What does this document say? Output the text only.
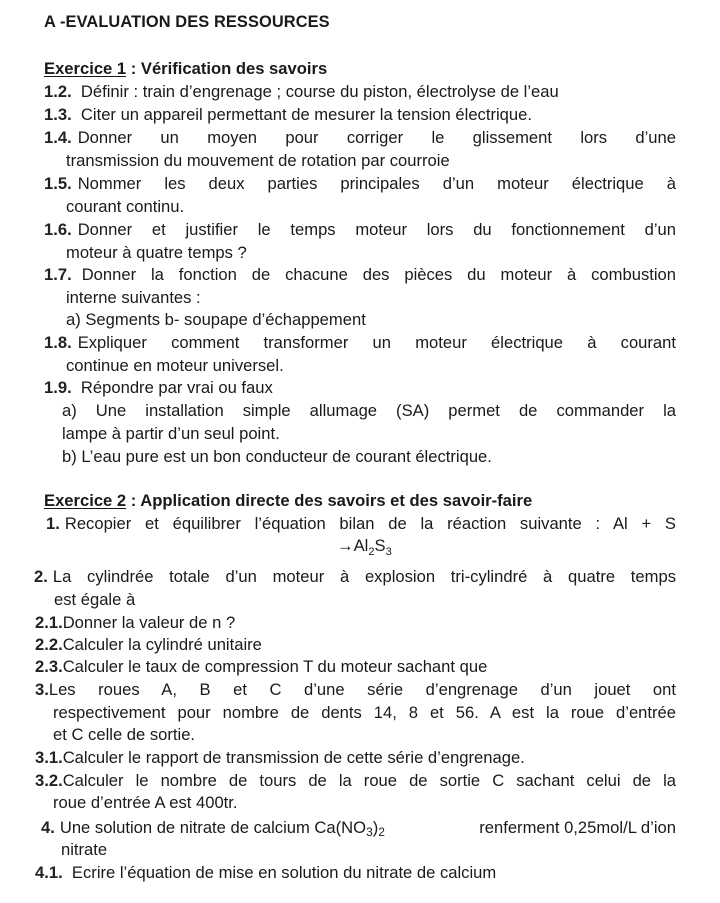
A -EVALUATION DES RESSOURCES
Exercice 1 : Vérification des savoirs
1.2. Définir : train d’engrenage ; course du piston, électrolyse de l’eau
1.3. Citer un appareil permettant de mesurer la tension électrique.
1.4. Donner un moyen pour corriger le glissement lors d’une
transmission du mouvement de rotation par courroie
1.5. Nommer les deux parties principales d’un moteur électrique à
courant continu.
1.6. Donner et justifier le temps moteur lors du fonctionnement d’un
moteur à quatre temps ?
1.7. Donner la fonction de chacune des pièces du moteur à combustion
interne suivantes :
a) Segments b- soupape d’échappement
1.8. Expliquer comment transformer un moteur électrique à courant
continue en moteur universel.
1.9. Répondre par vrai ou faux
a) Une installation simple allumage (SA) permet de commander la
lampe à partir d’un seul point.
b) L’eau pure est un bon conducteur de courant électrique.
Exercice 2 : Application directe des savoirs et des savoir-faire
1. Recopier et équilibrer l’équation bilan de la réaction suivante : Al + S
$\to Al_2S_3$
2. La cylindrée totale d’un moteur à explosion tri-cylindré à quatre temps
est égale à
2.1.Donner la valeur de n ?
2.2.Calculer la cylindré unitaire
2.3.Calculer le taux de compression T du moteur sachant que
3. Les roues A, B et C d’une série d’engrenage d’un jouet ont
respectivement pour nombre de dents 14, 8 et 56. A est la roue d’entrée
et C celle de sortie.
3.1.Calculer le rapport de transmission de cette série d’engrenage.
3.2. Calculer le nombre de tours de la roue de sortie C sachant celui de la
roue d’entrée A est 400tr.
4. Une solution de nitrate de calcium Ca(NO3)2	renferment 0,25mol/L d’ion
nitrate
4.1. Ecrire l’équation de mise en solution du nitrate de calcium
